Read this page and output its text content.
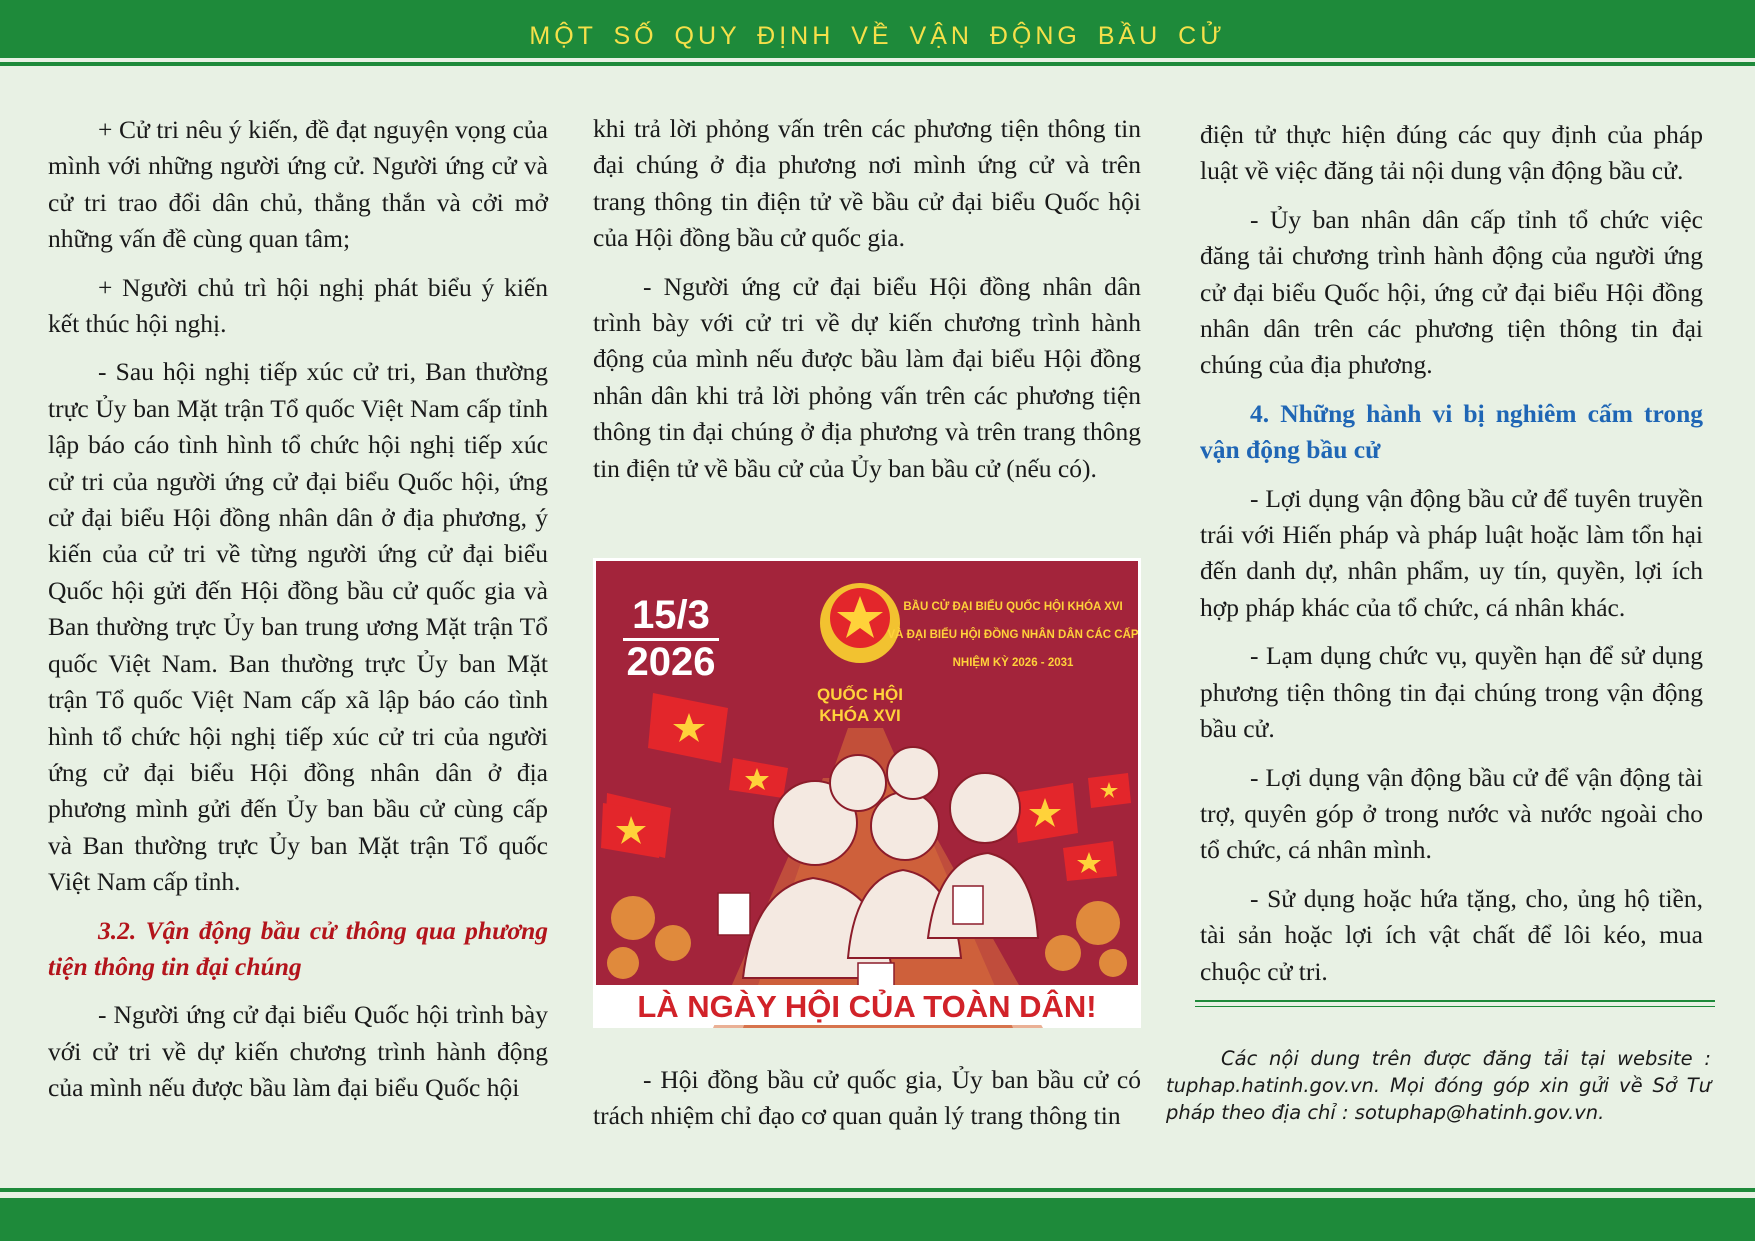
MỘT SỐ QUY ĐỊNH VỀ VẬN ĐỘNG BẦU CỬ

+ Cử tri nêu ý kiến, đề đạt nguyện vọng của mình với những người ứng cử. Người ứng cử và cử tri trao đổi dân chủ, thẳng thắn và cởi mở những vấn đề cùng quan tâm;

+ Người chủ trì hội nghị phát biểu ý kiến kết thúc hội nghị.

- Sau hội nghị tiếp xúc cử tri, Ban thường trực Ủy ban Mặt trận Tổ quốc Việt Nam cấp tỉnh lập báo cáo tình hình tổ chức hội nghị tiếp xúc cử tri của người ứng cử đại biểu Quốc hội, ứng cử đại biểu Hội đồng nhân dân ở địa phương, ý kiến của cử tri về từng người ứng cử đại biểu Quốc hội gửi đến Hội đồng bầu cử quốc gia và Ban thường trực Ủy ban trung ương Mặt trận Tổ quốc Việt Nam. Ban thường trực Ủy ban Mặt trận Tổ quốc Việt Nam cấp xã lập báo cáo tình hình tổ chức hội nghị tiếp xúc cử tri của người ứng cử đại biểu Hội đồng nhân dân ở địa phương mình gửi đến Ủy ban bầu cử cùng cấp và Ban thường trực Ủy ban Mặt trận Tổ quốc Việt Nam cấp tỉnh.

3.2. Vận động bầu cử thông qua phương tiện thông tin đại chúng

- Người ứng cử đại biểu Quốc hội trình bày với cử tri về dự kiến chương trình hành động của mình nếu được bầu làm đại biểu Quốc hội

khi trả lời phỏng vấn trên các phương tiện thông tin đại chúng ở địa phương nơi mình ứng cử và trên trang thông tin điện tử về bầu cử đại biểu Quốc hội của Hội đồng bầu cử quốc gia.

- Người ứng cử đại biểu Hội đồng nhân dân trình bày với cử tri về dự kiến chương trình hành động của mình nếu được bầu làm đại biểu Hội đồng nhân dân khi trả lời phỏng vấn trên các phương tiện thông tin đại chúng ở địa phương và trên trang thông tin điện tử về bầu cử của Ủy ban bầu cử (nếu có).

QUỐC HỘI
KHÓA XVI
15/3
2026
BẦU CỬ ĐẠI BIỂU QUỐC HỘI KHÓA XVI
VÀ ĐẠI BIỂU HỘI ĐỒNG NHÂN DÂN CÁC CẤP
NHIỆM KỲ 2026 - 2031
LÀ NGÀY HỘI CỦA TOÀN DÂN!

- Hội đồng bầu cử quốc gia, Ủy ban bầu cử có trách nhiệm chỉ đạo cơ quan quản lý trang thông tin

điện tử thực hiện đúng các quy định của pháp luật về việc đăng tải nội dung vận động bầu cử.

- Ủy ban nhân dân cấp tỉnh tổ chức việc đăng tải chương trình hành động của người ứng cử đại biểu Quốc hội, ứng cử đại biểu Hội đồng nhân dân trên các phương tiện thông tin đại chúng của địa phương.

4. Những hành vi bị nghiêm cấm trong vận động bầu cử

- Lợi dụng vận động bầu cử để tuyên truyền trái với Hiến pháp và pháp luật hoặc làm tổn hại đến danh dự, nhân phẩm, uy tín, quyền, lợi ích hợp pháp khác của tổ chức, cá nhân khác.

- Lạm dụng chức vụ, quyền hạn để sử dụng phương tiện thông tin đại chúng trong vận động bầu cử.

- Lợi dụng vận động bầu cử để vận động tài trợ, quyên góp ở trong nước và nước ngoài cho tổ chức, cá nhân mình.

- Sử dụng hoặc hứa tặng, cho, ủng hộ tiền, tài sản hoặc lợi ích vật chất để lôi kéo, mua chuộc cử tri.

Các nội dung trên được đăng tải tại website : tuphap.hatinh.gov.vn. Mọi đóng góp xin gửi về Sở Tư pháp theo địa chỉ : sotuphap@hatinh.gov.vn.
